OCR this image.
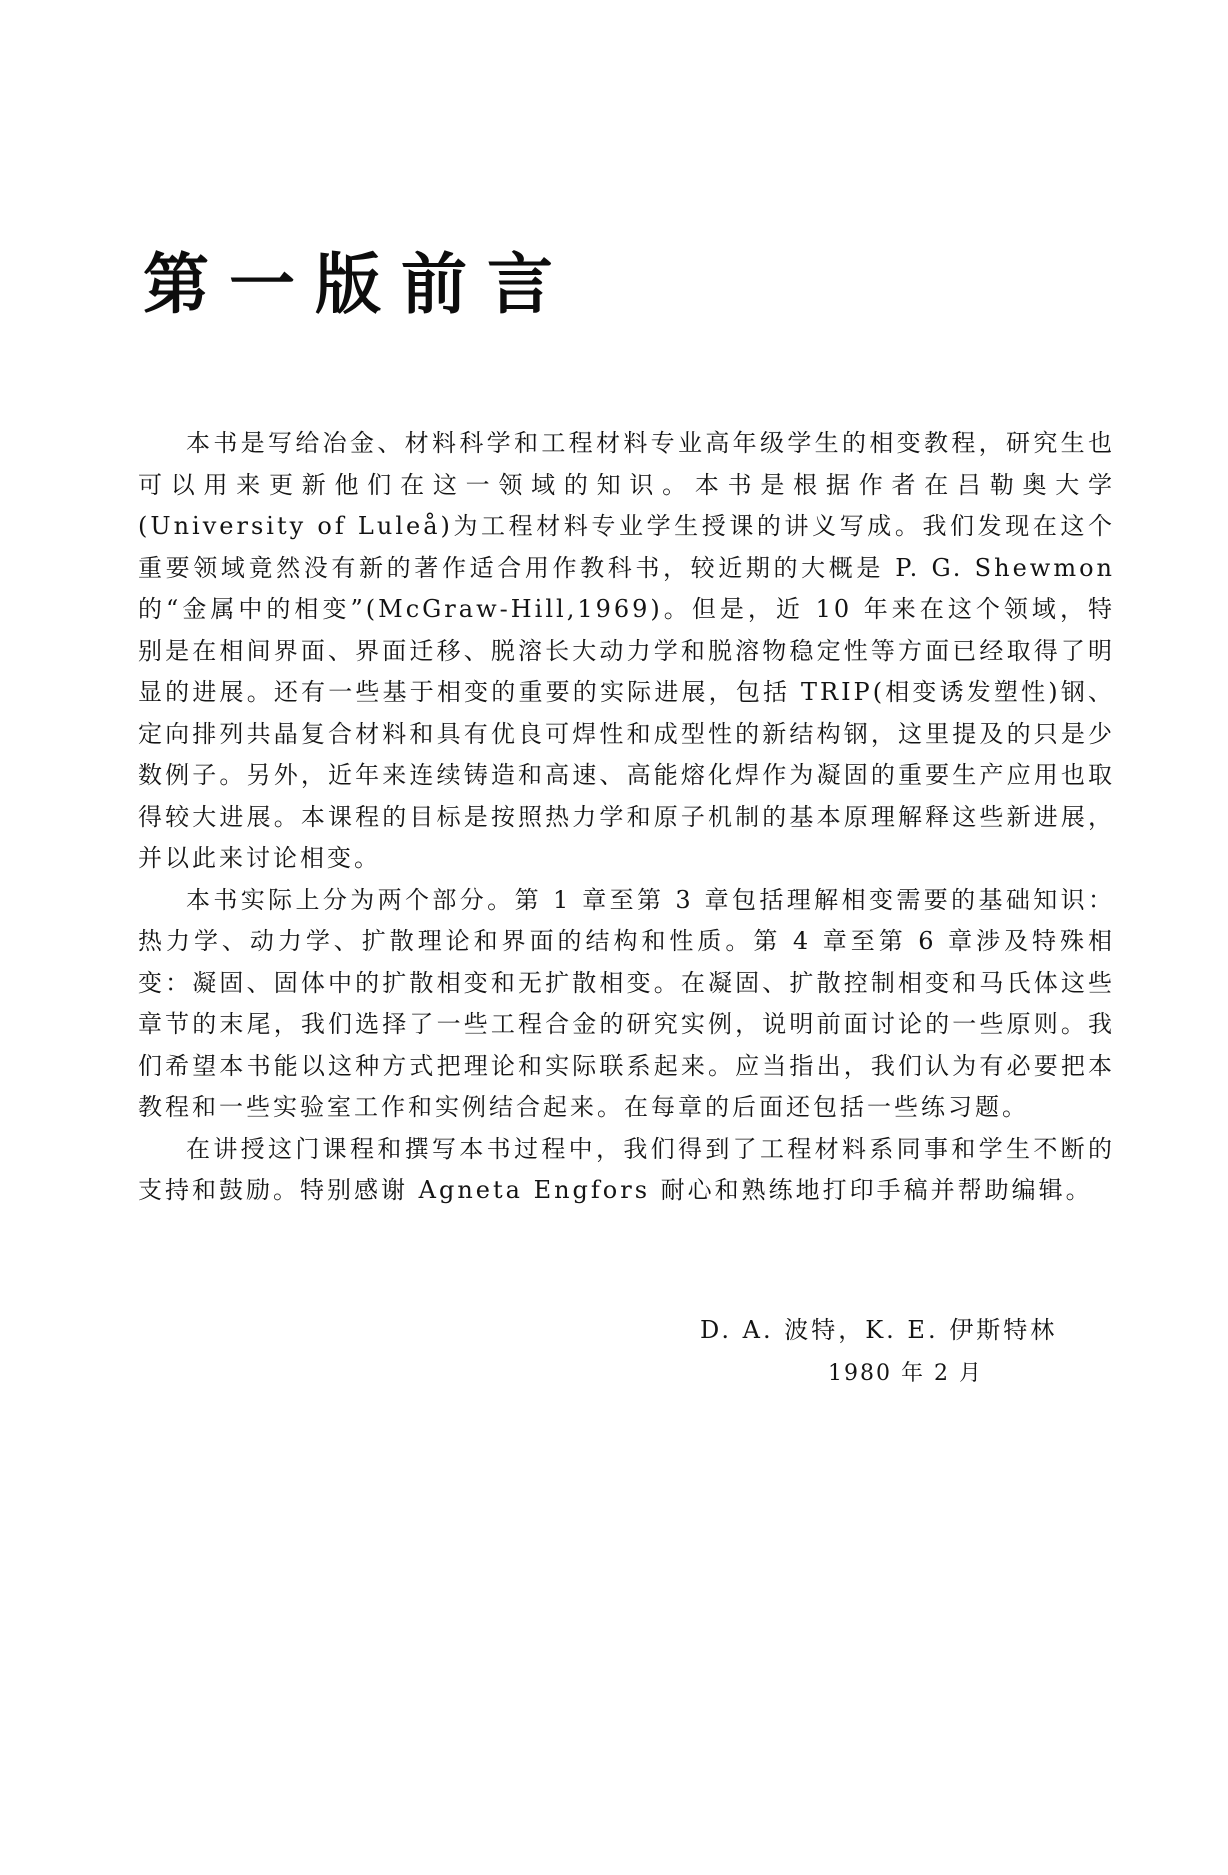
第一版前言

本书是写给冶金、材料科学和工程材料专业高年级学生的相变教程，研究生也可以用来更新他们在这一领域的知识。本书是根据作者在吕勒奥大学(University of Luleå)为工程材料专业学生授课的讲义写成。我们发现在这个重要领域竟然没有新的著作适合用作教科书，较近期的大概是 P. G. Shewmon 的“金属中的相变”(McGraw-Hill,1969)。但是，近 10 年来在这个领域，特别是在相间界面、界面迁移、脱溶长大动力学和脱溶物稳定性等方面已经取得了明显的进展。还有一些基于相变的重要的实际进展，包括 TRIP(相变诱发塑性)钢、定向排列共晶复合材料和具有优良可焊性和成型性的新结构钢，这里提及的只是少数例子。另外，近年来连续铸造和高速、高能熔化焊作为凝固的重要生产应用也取得较大进展。本课程的目标是按照热力学和原子机制的基本原理解释这些新进展，并以此来讨论相变。

本书实际上分为两个部分。第 1 章至第 3 章包括理解相变需要的基础知识：热力学、动力学、扩散理论和界面的结构和性质。第 4 章至第 6 章涉及特殊相变：凝固、固体中的扩散相变和无扩散相变。在凝固、扩散控制相变和马氏体这些章节的末尾，我们选择了一些工程合金的研究实例，说明前面讨论的一些原则。我们希望本书能以这种方式把理论和实际联系起来。应当指出，我们认为有必要把本教程和一些实验室工作和实例结合起来。在每章的后面还包括一些练习题。

在讲授这门课程和撰写本书过程中，我们得到了工程材料系同事和学生不断的支持和鼓励。特别感谢 Agneta Engfors 耐心和熟练地打印手稿并帮助编辑。

D. A. 波特，K. E. 伊斯特林

1980 年 2 月
